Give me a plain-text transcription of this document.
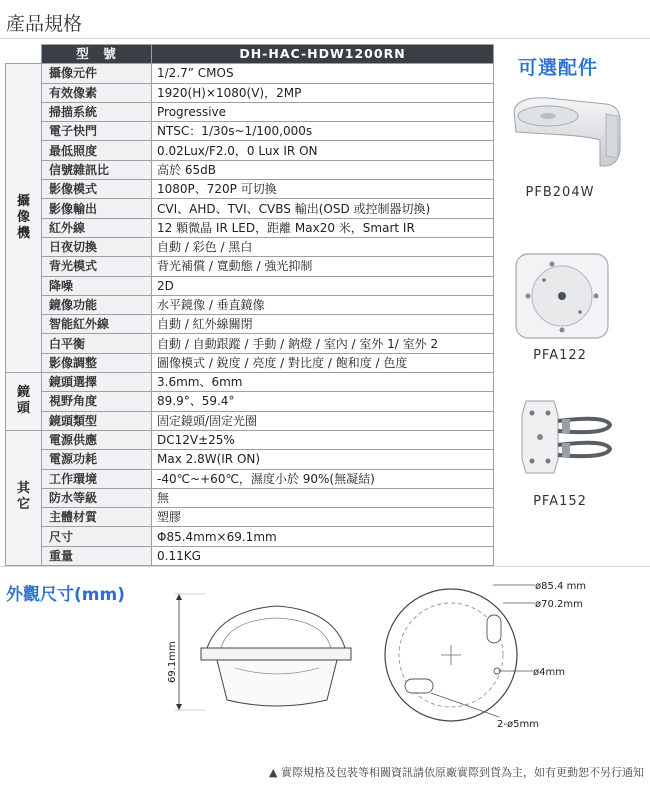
產品規格
	型　號	DH-HAC-HDW1200RN
攝像機	攝像元件	1/2.7” CMOS
	有效像素	1920(H)×1080(V)，2MP
	掃描系統	Progressive
	電子快門	NTSC：1/30s~1/100,000s
	最低照度	0.02Lux/F2.0，0 Lux IR ON
	信號雜訊比	高於 65dB
	影像模式	1080P、720P 可切換
	影像輸出	CVI、AHD、TVI、CVBS 輸出(OSD 或控制器切換)
	紅外線	12 顆微晶 IR LED，距離 Max20 米，Smart IR
	日夜切換	自動 / 彩色 / 黑白
	背光模式	背光補償 / 寬動態 / 強光抑制
	降噪	2D
	鏡像功能	水平鏡像 / 垂直鏡像
	智能紅外線	自動 / 紅外線關閉
	白平衡	自動 / 自動跟蹤 / 手動 / 鈉燈 / 室內 / 室外 1/ 室外 2
	影像調整	圖像模式 / 銳度 / 亮度 / 對比度 / 飽和度 / 色度
鏡頭	鏡頭選擇	3.6mm、6mm
	視野角度	89.9°、59.4°
	鏡頭類型	固定鏡頭/固定光圈
其它	電源供應	DC12V±25%
	電源功耗	Max 2.8W(IR ON)
	工作環境	-40℃~+60℃，濕度小於 90%(無凝結)
	防水等級	無
	主體材質	塑膠
	尺寸	Φ85.4mm×69.1mm
	重量	0.11KG
可選配件
PFB204W
PFA122
PFA152
外觀尺寸(mm)
69.1mm
ø85.4 mm
ø70.2mm
ø4mm
2-ø5mm
▲ 實際規格及包裝等相關資訊請依原廠實際到貨為主，如有更動恕不另行通知
